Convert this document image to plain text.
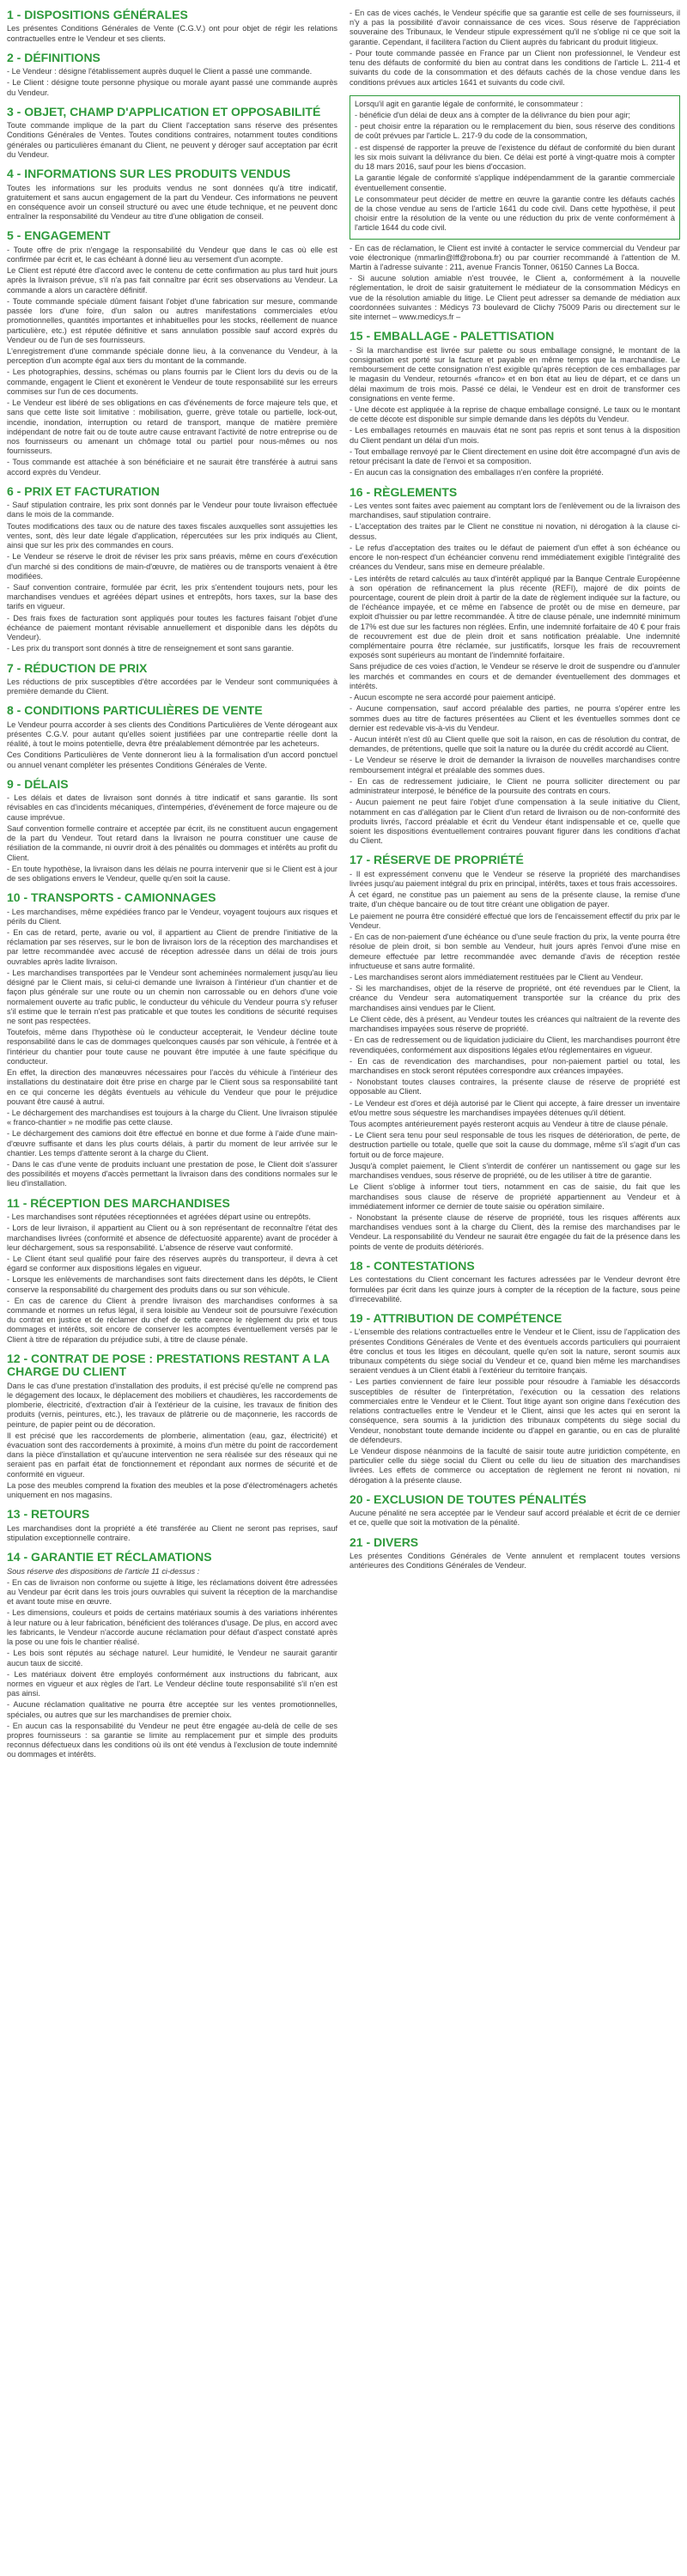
1 - DISPOSITIONS GÉNÉRALES

Les présentes Conditions Générales de Vente (C.G.V.) ont pour objet de régir les relations contractuelles entre le Vendeur et ses clients.

2 - DÉFINITIONS

- Le Vendeur : désigne l'établissement auprès duquel le Client a passé une commande.

- Le Client : désigne toute personne physique ou morale ayant passé une commande auprès du Vendeur.

3 - OBJET, CHAMP D'APPLICATION ET OPPOSABILITÉ

Toute commande implique de la part du Client l'acceptation sans réserve des présentes Conditions Générales de Ventes. Toutes conditions contraires, notamment toutes conditions générales ou particulières émanant du Client, ne peuvent y déroger sauf acceptation par écrit du Vendeur.

4 - INFORMATIONS SUR LES PRODUITS VENDUS

Toutes les informations sur les produits vendus ne sont données qu'à titre indicatif, gratuitement et sans aucun engagement de la part du Vendeur. Ces informations ne peuvent en conséquence avoir un conseil structuré ou avec une étude technique, et ne peuvent donc entraîner la responsabilité du Vendeur au titre d'une obligation de conseil.

5 - ENGAGEMENT

- Toute offre de prix n'engage la responsabilité du Vendeur que dans le cas où elle est confirmée par écrit et, le cas échéant à donné lieu au versement d'un acompte.

Le Client est réputé être d'accord avec le contenu de cette confirmation au plus tard huit jours après la livraison prévue, s'il n'a pas fait connaître par écrit ses observations au Vendeur. La commande a alors un caractère définitif.

- Toute commande spéciale dûment faisant l'objet d'une fabrication sur mesure, commande passée lors d'une foire, d'un salon ou autres manifestations commerciales et/ou promotionnelles, quantités importantes et inhabituelles pour les stocks, réellement de nuance particulière, etc.) est réputée définitive et sans annulation possible sauf accord exprès du Vendeur ou de l'un de ses fournisseurs.

L'enregistrement d'une commande spéciale donne lieu, à la convenance du Vendeur, à la perception d'un acompte égal aux tiers du montant de la commande.

- Les photographies, dessins, schémas ou plans fournis par le Client lors du devis ou de la commande, engagent le Client et exonèrent le Vendeur de toute responsabilité sur les erreurs commises sur l'un de ces documents.

- Le Vendeur est libéré de ses obligations en cas d'événements de force majeure tels que, et sans que cette liste soit limitative : mobilisation, guerre, grève totale ou partielle, lock-out, incendie, inondation, interruption ou retard de transport, manque de matière première indépendant de notre fait ou de toute autre cause entravant l'activité de notre entreprise ou de nos fournisseurs ou amenant un chômage total ou partiel pour nous-mêmes ou nos fournisseurs.

- Tous commande est attachée à son bénéficiaire et ne saurait être transférée à autrui sans accord exprès du Vendeur.

6 - PRIX ET FACTURATION

- Sauf stipulation contraire, les prix sont donnés par le Vendeur pour toute livraison effectuée dans le mois de la commande.

Toutes modifications des taux ou de nature des taxes fiscales auxquelles sont assujetties les ventes, sont, dès leur date légale d'application, répercutées sur les prix indiqués au Client, ainsi que sur les prix des commandes en cours.

- Le Vendeur se réserve le droit de réviser les prix sans préavis, même en cours d'exécution d'un marché si des conditions de main-d'œuvre, de matières ou de transports venaient à être modifiées.

- Sauf convention contraire, formulée par écrit, les prix s'entendent toujours nets, pour les marchandises vendues et agréées départ usines et entrepôts, hors taxes, sur la base des tarifs en vigueur.

- Des frais fixes de facturation sont appliqués pour toutes les factures faisant l'objet d'une échéance de paiement montant révisable annuellement et disponible dans les dépôts du Vendeur).

- Les prix du transport sont donnés à titre de renseignement et sont sans garantie.

7 - RÉDUCTION DE PRIX

Les réductions de prix susceptibles d'être accordées par le Vendeur sont communiquées à première demande du Client.

8 - CONDITIONS PARTICULIÈRES DE VENTE

Le Vendeur pourra accorder à ses clients des Conditions Particulières de Vente dérogeant aux présentes C.G.V. pour autant qu'elles soient justifiées par une contrepartie réelle dont la réalité, à tout le moins potentielle, devra être préalablement démontrée par les acheteurs.

Ces Conditions Particulières de Vente donneront lieu à la formalisation d'un accord ponctuel ou annuel venant compléter les présentes Conditions Générales de Vente.

9 - DÉLAIS

- Les délais et dates de livraison sont donnés à titre indicatif et sans garantie. Ils sont révisables en cas d'incidents mécaniques, d'intempéries, d'événement de force majeure ou de cause imprévue.

Sauf convention formelle contraire et acceptée par écrit, ils ne constituent aucun engagement de la part du Vendeur. Tout retard dans la livraison ne pourra constituer une cause de résiliation de la commande, ni ouvrir droit à des pénalités ou dommages et intérêts au profit du Client.

- En toute hypothèse, la livraison dans les délais ne pourra intervenir que si le Client est à jour de ses obligations envers le Vendeur, quelle qu'en soit la cause.

10 - TRANSPORTS - CAMIONNAGES

- Les marchandises, même expédiées franco par le Vendeur, voyagent toujours aux risques et périls du Client.

- En cas de retard, perte, avarie ou vol, il appartient au Client de prendre l'initiative de la réclamation par ses réserves, sur le bon de livraison lors de la réception des marchandises et par lettre recommandée avec accusé de réception adressée dans un délai de trois jours ouvrables après ladite livraison.

- Les marchandises transportées par le Vendeur sont acheminées normalement jusqu'au lieu désigné par le Client mais, si celui-ci demande une livraison à l'intérieur d'un chantier et de façon plus générale sur une route ou un chemin non carrossable ou en dehors d'une voie normalement ouverte au trafic public, le conducteur du véhicule du Vendeur pourra s'y refuser s'il estime que le terrain n'est pas praticable et que toutes les conditions de sécurité requises ne sont pas respectées.

Toutefois, même dans l'hypothèse où le conducteur accepterait, le Vendeur décline toute responsabilité dans le cas de dommages quelconques causés par son véhicule, à l'entrée et à l'intérieur du chantier pour toute cause ne pouvant être imputée à une faute spécifique du conducteur.

En effet, la direction des manœuvres nécessaires pour l'accès du véhicule à l'intérieur des installations du destinataire doit être prise en charge par le Client sous sa responsabilité tant en ce qui concerne les dégâts éventuels au véhicule du Vendeur que pour le préjudice pouvant être causé à autrui.

- Le déchargement des marchandises est toujours à la charge du Client. Une livraison stipulée « franco-chantier » ne modifie pas cette clause.

- Le déchargement des camions doit être effectué en bonne et due forme à l'aide d'une main-d'œuvre suffisante et dans les plus courts délais, à partir du moment de leur arrivée sur le chantier. Les temps d'attente seront à la charge du Client.

- Dans le cas d'une vente de produits incluant une prestation de pose, le Client doit s'assurer des possibilités et moyens d'accès permettant la livraison dans des conditions normales sur le lieu d'installation.

11 - RÉCEPTION DES MARCHANDISES

- Les marchandises sont réputées réceptionnées et agréées départ usine ou entrepôts.

- Lors de leur livraison, il appartient au Client ou à son représentant de reconnaître l'état des marchandises livrées (conformité et absence de défectuosité apparente) avant de procéder à leur déchargement, sous sa responsabilité. L'absence de réserve vaut conformité.

- Le Client étant seul qualifié pour faire des réserves auprès du transporteur, il devra à cet égard se conformer aux dispositions légales en vigueur.

- Lorsque les enlèvements de marchandises sont faits directement dans les dépôts, le Client conserve la responsabilité du chargement des produits dans ou sur son véhicule.

- En cas de carence du Client à prendre livraison des marchandises conformes à sa commande et normes un refus légal, il sera loisible au Vendeur soit de poursuivre l'exécution du contrat en justice et de réclamer du chef de cette carence le règlement du prix et tous dommages et intérêts, soit encore de conserver les acomptes éventuellement versés par le Client à titre de réparation du préjudice subi, à titre de clause pénale.

12 - CONTRAT DE POSE : PRESTATIONS RESTANT A LA CHARGE DU CLIENT

Dans le cas d'une prestation d'installation des produits, il est précisé qu'elle ne comprend pas le dégagement des locaux, le déplacement des mobiliers et chaudières, les raccordements de plomberie, électricité, d'extraction d'air à l'extérieur de la cuisine, les travaux de finition des produits (vernis, peintures, etc.), les travaux de plâtrerie ou de maçonnerie, les raccords de peinture, de papier peint ou de décoration.

Il est précisé que les raccordements de plomberie, alimentation (eau, gaz, électricité) et évacuation sont des raccordements à proximité, à moins d'un mètre du point de raccordement dans la pièce d'installation et qu'aucune intervention ne sera réalisée sur des réseaux qui ne seraient pas en parfait état de fonctionnement et répondant aux normes de sécurité et de conformité en vigueur.

La pose des meubles comprend la fixation des meubles et la pose d'électroménagers achetés uniquement en nos magasins.

13 - RETOURS

Les marchandises dont la propriété a été transférée au Client ne seront pas reprises, sauf stipulation exceptionnelle contraire.

14 - GARANTIE ET RÉCLAMATIONS

Sous réserve des dispositions de l'article 11 ci-dessus :

- En cas de livraison non conforme ou sujette à litige, les réclamations doivent être adressées au Vendeur par écrit dans les trois jours ouvrables qui suivent la réception de la marchandise et avant toute mise en œuvre.

- Les dimensions, couleurs et poids de certains matériaux soumis à des variations inhérentes à leur nature ou à leur fabrication, bénéficient des tolérances d'usage. De plus, en accord avec les fabricants, le Vendeur n'accorde aucune réclamation pour défaut d'aspect constaté après la pose ou une fois le chantier réalisé.

- Les bois sont réputés au séchage naturel. Leur humidité, le Vendeur ne saurait garantir aucun taux de siccité.

- Les matériaux doivent être employés conformément aux instructions du fabricant, aux normes en vigueur et aux règles de l'art. Le Vendeur décline toute responsabilité s'il n'en est pas ainsi.

- Aucune réclamation qualitative ne pourra être acceptée sur les ventes promotionnelles, spéciales, ou autres que sur les marchandises de premier choix.

- En aucun cas la responsabilité du Vendeur ne peut être engagée au-delà de celle de ses propres fournisseurs : sa garantie se limite au remplacement pur et simple des produits reconnus défectueux dans les conditions où ils ont été vendus à l'exclusion de toute indemnité ou dommages et intérêts.

- En cas de vices cachés, le Vendeur spécifie que sa garantie est celle de ses fournisseurs, il n'y a pas la possibilité d'avoir connaissance de ces vices. Sous réserve de l'appréciation souveraine des Tribunaux, le Vendeur stipule expressément qu'il ne s'oblige ni ce que soit la garantie. Cependant, il facilitera l'action du Client auprès du fabricant du produit litigieux.

- Pour toute commande passée en France par un Client non professionnel, le Vendeur est tenu des défauts de conformité du bien au contrat dans les conditions de l'article L. 211-4 et suivants du code de la consommation et des défauts cachés de la chose vendue dans les conditions prévues aux articles 1641 et suivants du code civil.

Lorsqu'il agit en garantie légale de conformité, le consommateur :

- bénéficie d'un délai de deux ans à compter de la délivrance du bien pour agir;

- peut choisir entre la réparation ou le remplacement du bien, sous réserve des conditions de coût prévues par l'article L. 217-9 du code de la consommation,

- est dispensé de rapporter la preuve de l'existence du défaut de conformité du bien durant les six mois suivant la délivrance du bien. Ce délai est porté à vingt-quatre mois à compter du 18 mars 2016, sauf pour les biens d'occasion.

La garantie légale de conformité s'applique indépendamment de la garantie commerciale éventuellement consentie.

Le consommateur peut décider de mettre en œuvre la garantie contre les défauts cachés de la chose vendue au sens de l'article 1641 du code civil. Dans cette hypothèse, il peut choisir entre la résolution de la vente ou une réduction du prix de vente conformément à l'article 1644 du code civil.

- En cas de réclamation, le Client est invité à contacter le service commercial du Vendeur par voie électronique (mmarlin@lff@robona.fr) ou par courrier recommandé à l'attention de M. Martin à l'adresse suivante : 211, avenue Francis Tonner, 06150 Cannes La Bocca.

- Si aucune solution amiable n'est trouvée, le Client a, conformément à la nouvelle réglementation, le droit de saisir gratuitement le médiateur de la consommation Médicys en vue de la résolution amiable du litige. Le Client peut adresser sa demande de médiation aux coordonnées suivantes : Médicys 73 boulevard de Clichy 75009 Paris ou directement sur le site internet – www.medicys.fr –

15 - EMBALLAGE - PALETTISATION

- Si la marchandise est livrée sur palette ou sous emballage consigné, le montant de la consignation est porté sur la facture et payable en même temps que la marchandise. Le remboursement de cette consignation n'est exigible qu'après réception de ces emballages par le magasin du Vendeur, retournés «franco» et en bon état au lieu de départ, et ce dans un délai maximum de trois mois. Passé ce délai, le Vendeur est en droit de transformer ces consignations en vente ferme.

- Une décote est appliquée à la reprise de chaque emballage consigné. Le taux ou le montant de cette décote est disponible sur simple demande dans les dépôts du Vendeur.

- Les emballages retournés en mauvais état ne sont pas repris et sont tenus à la disposition du Client pendant un délai d'un mois.

- Tout emballage renvoyé par le Client directement en usine doit être accompagné d'un avis de retour précisant la date de l'envoi et sa composition.

- En aucun cas la consignation des emballages n'en confère la propriété.

16 - RÈGLEMENTS

- Les ventes sont faites avec paiement au comptant lors de l'enlèvement ou de la livraison des marchandises, sauf stipulation contraire.

- L'acceptation des traites par le Client ne constitue ni novation, ni dérogation à la clause ci-dessus.

- Le refus d'acceptation des traites ou le défaut de paiement d'un effet à son échéance ou encore le non-respect d'un échéancier convenu rend immédiatement exigible l'intégralité des créances du Vendeur, sans mise en demeure préalable.

- Les intérêts de retard calculés au taux d'intérêt appliqué par la Banque Centrale Européenne à son opération de refinancement la plus récente (REFI), majoré de dix points de pourcentage, courent de plein droit à partir de la date de règlement indiquée sur la facture, ou de l'échéance impayée, et ce même en l'absence de protêt ou de mise en demeure, par exploit d'huissier ou par lettre recommandée. À titre de clause pénale, une indemnité minimum de 17% est due sur les factures non réglées. Enfin, une indemnité forfaitaire de 40 € pour frais de recouvrement est due de plein droit et sans notification préalable. Une indemnité complémentaire pourra être réclamée, sur justificatifs, lorsque les frais de recouvrement exposés sont supérieurs au montant de l'indemnité forfaitaire.

Sans préjudice de ces voies d'action, le Vendeur se réserve le droit de suspendre ou d'annuler les marchés et commandes en cours et de demander éventuellement des dommages et intérêts.

- Aucun escompte ne sera accordé pour paiement anticipé.

- Aucune compensation, sauf accord préalable des parties, ne pourra s'opérer entre les sommes dues au titre de factures présentées au Client et les éventuelles sommes dont ce dernier est redevable vis-à-vis du Vendeur.

- Aucun intérêt n'est dû au Client quelle que soit la raison, en cas de résolution du contrat, de demandes, de prétentions, quelle que soit la nature ou la durée du crédit accordé au Client.

- Le Vendeur se réserve le droit de demander la livraison de nouvelles marchandises contre remboursement intégral et préalable des sommes dues.

- En cas de redressement judiciaire, le Client ne pourra solliciter directement ou par administrateur interposé, le bénéfice de la poursuite des contrats en cours.

- Aucun paiement ne peut faire l'objet d'une compensation à la seule initiative du Client, notamment en cas d'allégation par le Client d'un retard de livraison ou de non-conformité des produits livrés, l'accord préalable et écrit du Vendeur étant indispensable et ce, quelle que soient les dispositions éventuellement contraires pouvant figurer dans les conditions d'achat du Client.

17 - RÉSERVE DE PROPRIÉTÉ

- Il est expressément convenu que le Vendeur se réserve la propriété des marchandises livrées jusqu'au paiement intégral du prix en principal, intérêts, taxes et tous frais accessoires.

À cet égard, ne constitue pas un paiement au sens de la présente clause, la remise d'une traite, d'un chèque bancaire ou de tout titre créant une obligation de payer.

Le paiement ne pourra être considéré effectué que lors de l'encaissement effectif du prix par le Vendeur.

- En cas de non-paiement d'une échéance ou d'une seule fraction du prix, la vente pourra être résolue de plein droit, si bon semble au Vendeur, huit jours après l'envoi d'une mise en demeure effectuée par lettre recommandée avec demande d'avis de réception restée infructueuse et sans autre formalité.

- Les marchandises seront alors immédiatement restituées par le Client au Vendeur.

- Si les marchandises, objet de la réserve de propriété, ont été revendues par le Client, la créance du Vendeur sera automatiquement transportée sur la créance du prix des marchandises ainsi vendues par le Client.

Le Client cède, dès à présent, au Vendeur toutes les créances qui naîtraient de la revente des marchandises impayées sous réserve de propriété.

- En cas de redressement ou de liquidation judiciaire du Client, les marchandises pourront être revendiquées, conformément aux dispositions légales et/ou réglementaires en vigueur.

- En cas de revendication des marchandises, pour non-paiement partiel ou total, les marchandises en stock seront réputées correspondre aux créances impayées.

- Nonobstant toutes clauses contraires, la présente clause de réserve de propriété est opposable au Client.

- Le Vendeur est d'ores et déjà autorisé par le Client qui accepte, à faire dresser un inventaire et/ou mettre sous séquestre les marchandises impayées détenues qu'il détient.

Tous acomptes antérieurement payés resteront acquis au Vendeur à titre de clause pénale.

- Le Client sera tenu pour seul responsable de tous les risques de détérioration, de perte, de destruction partielle ou totale, quelle que soit la cause du dommage, même s'il s'agit d'un cas fortuit ou de force majeure.

Jusqu'à complet paiement, le Client s'interdit de conférer un nantissement ou gage sur les marchandises vendues, sous réserve de propriété, ou de les utiliser à titre de garantie.

Le Client s'oblige à informer tout tiers, notamment en cas de saisie, du fait que les marchandises sous clause de réserve de propriété appartiennent au Vendeur et à immédiatement informer ce dernier de toute saisie ou opération similaire.

- Nonobstant la présente clause de réserve de propriété, tous les risques afférents aux marchandises vendues sont à la charge du Client, dès la remise des marchandises par le Vendeur. La responsabilité du Vendeur ne saurait être engagée du fait de la présence dans les points de vente de produits détériorés.

18 - CONTESTATIONS

Les contestations du Client concernant les factures adressées par le Vendeur devront être formulées par écrit dans les quinze jours à compter de la réception de la facture, sous peine d'irrecevabilité.

19 - ATTRIBUTION DE COMPÉTENCE

- L'ensemble des relations contractuelles entre le Vendeur et le Client, issu de l'application des présentes Conditions Générales de Vente et des éventuels accords particuliers qui pourraient être conclus et tous les litiges en découlant, quelle qu'en soit la nature, seront soumis aux tribunaux compétents du siège social du Vendeur et ce, quand bien même les marchandises seraient vendues à un Client établi à l'extérieur du territoire français.

- Les parties conviennent de faire leur possible pour résoudre à l'amiable les désaccords susceptibles de résulter de l'interprétation, l'exécution ou la cessation des relations commerciales entre le Vendeur et le Client. Tout litige ayant son origine dans l'exécution des relations contractuelles entre le Vendeur et le Client, ainsi que les actes qui en seront la conséquence, sera soumis à la juridiction des tribunaux compétents du siège social du Vendeur, nonobstant toute demande incidente ou d'appel en garantie, ou en cas de pluralité de défendeurs.

Le Vendeur dispose néanmoins de la faculté de saisir toute autre juridiction compétente, en particulier celle du siège social du Client ou celle du lieu de situation des marchandises livrées. Les effets de commerce ou acceptation de règlement ne feront ni novation, ni dérogation à la présente clause.

20 - EXCLUSION DE TOUTES PÉNALITÉS

Aucune pénalité ne sera acceptée par le Vendeur sauf accord préalable et écrit de ce dernier et ce, quelle que soit la motivation de la pénalité.

21 - DIVERS

Les présentes Conditions Générales de Vente annulent et remplacent toutes versions antérieures des Conditions Générales de Vendeur.
